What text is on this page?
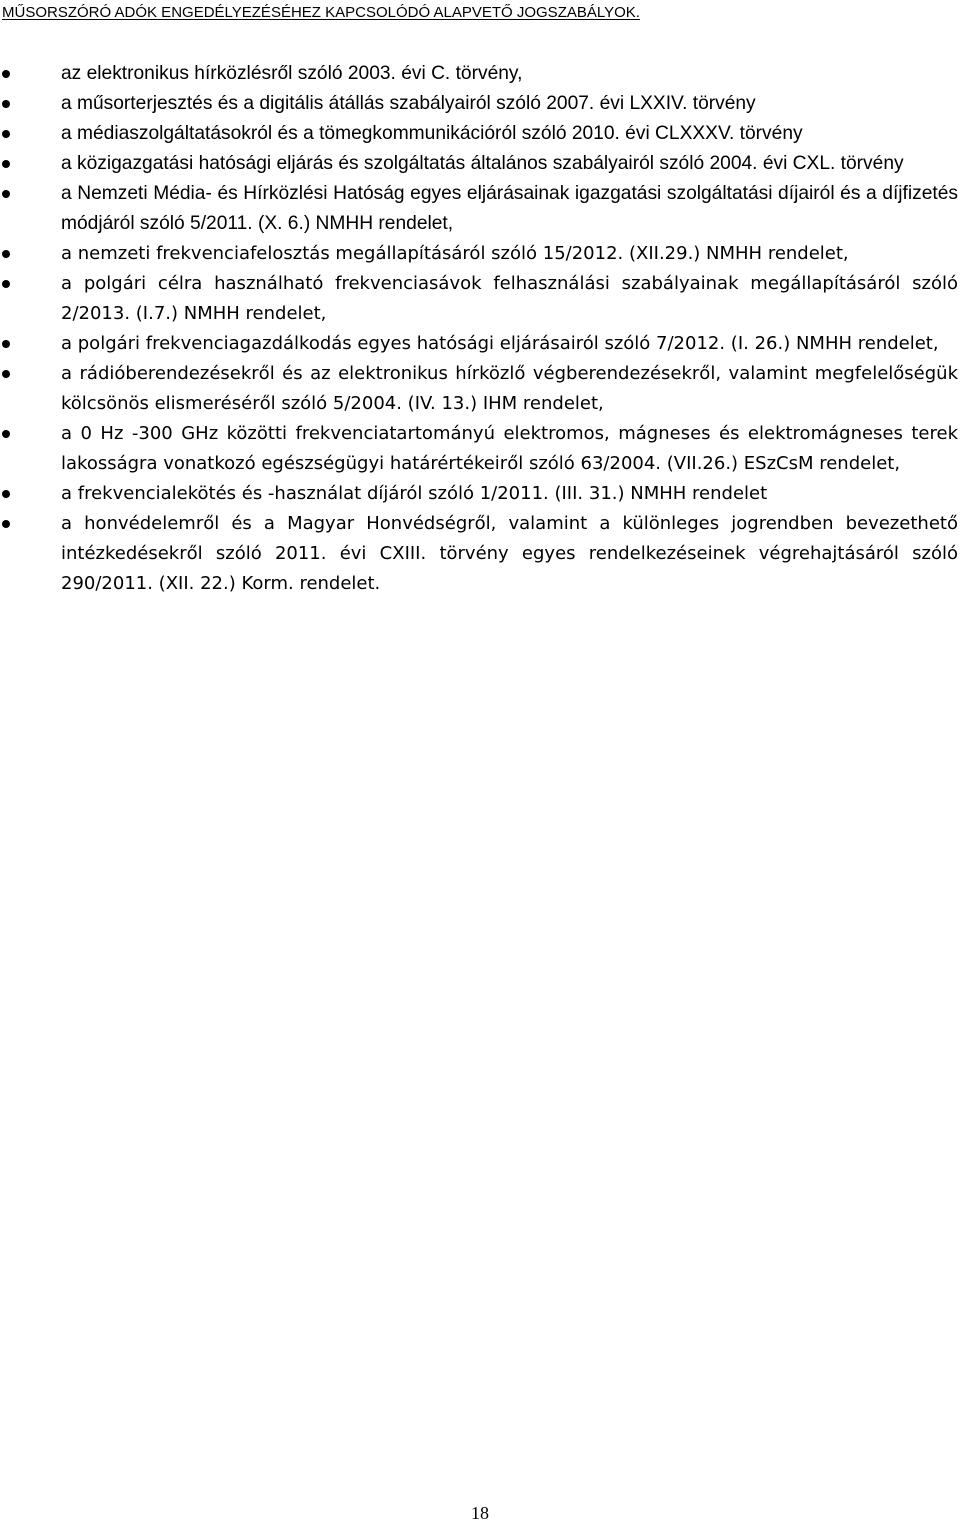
MŰSORSZÓRÓ ADÓK ENGEDÉLYEZÉSÉHEZ KAPCSOLÓDÓ ALAPVETŐ JOGSZABÁLYOK.
az elektronikus hírközlésről szóló 2003. évi C. törvény,
a műsorterjesztés és a digitális átállás szabályairól szóló 2007. évi LXXIV. törvény
a médiaszolgáltatásokról és a tömegkommunikációról szóló 2010. évi CLXXXV. törvény
a közigazgatási hatósági eljárás és szolgáltatás általános szabályairól szóló 2004. évi CXL. törvény
a Nemzeti Média- és Hírközlési Hatóság egyes eljárásainak igazgatási szolgáltatási díjairól és a díjfizetés módjáról szóló 5/2011. (X. 6.) NMHH rendelet,
a nemzeti frekvenciafelosztás megállapításáról szóló 15/2012. (XII.29.) NMHH rendelet,
a polgári célra használható frekvenciasávok felhasználási szabályainak megállapításáról szóló 2/2013. (I.7.) NMHH rendelet,
a polgári frekvenciagazdálkodás egyes hatósági eljárásairól szóló 7/2012. (I. 26.) NMHH rendelet,
a rádióberendezésekről és az elektronikus hírközlő végberendezésekről, valamint megfelelőségük kölcsönös elismeréséről szóló 5/2004. (IV. 13.) IHM rendelet,
a 0 Hz -300 GHz közötti frekvenciatartományú elektromos, mágneses és elektromágneses terek lakosságra vonatkozó egészségügyi határértékeiről szóló 63/2004. (VII.26.) ESzCsM rendelet,
a frekvencialekötés és -használat díjáról szóló 1/2011. (III. 31.) NMHH rendelet
a honvédelemről és a Magyar Honvédségről, valamint a különleges jogrendben bevezethető intézkedésekről szóló 2011. évi CXIII. törvény egyes rendelkezéseinek végrehajtásáról szóló 290/2011. (XII. 22.) Korm. rendelet.
18
